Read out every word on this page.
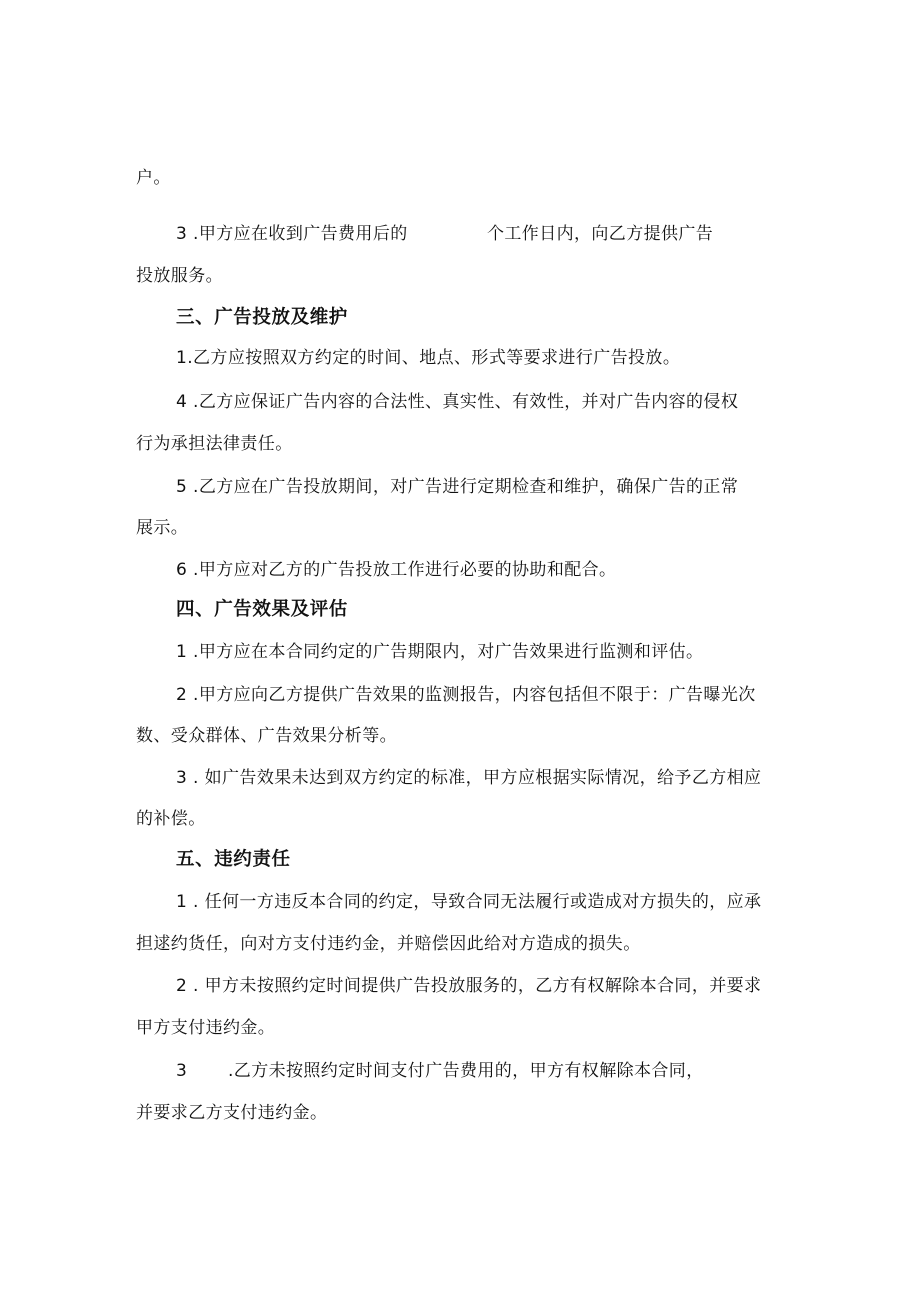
户。
3 .甲方应在收到广告费用后的	个工作日内，向乙方提供广告
投放服务。
三、广告投放及维护
1.乙方应按照双方约定的时间、地点、形式等要求进行广告投放。
4 .乙方应保证广告内容的合法性、真实性、有效性，并对广告内容的侵权
行为承担法律责任。
5 .乙方应在广告投放期间，对广告进行定期检查和维护，确保广告的正常
展示。
6 .甲方应对乙方的广告投放工作进行必要的协助和配合。
四、广告效果及评估
1 .甲方应在本合同约定的广告期限内，对广告效果进行监测和评估。
2 .甲方应向乙方提供广告效果的监测报告，内容包括但不限于：广告曝光次
数、受众群体、广告效果分析等。
3 . 如广告效果未达到双方约定的标准，甲方应根据实际情况，给予乙方相应
的补偿。
五、违约责任
1 . 任何一方违反本合同的约定，导致合同无法履行或造成对方损失的，应承
担逑约货任，向对方支付违约金，并赔偿因此给对方造成的损失。
2 . 甲方未按照约定时间提供广告投放服务的，乙方有权解除本合同，并要求
甲方支付违约金。
3 .乙方未按照约定时间支付广告费用的，甲方有权解除本合同，
并要求乙方支付违约金。
